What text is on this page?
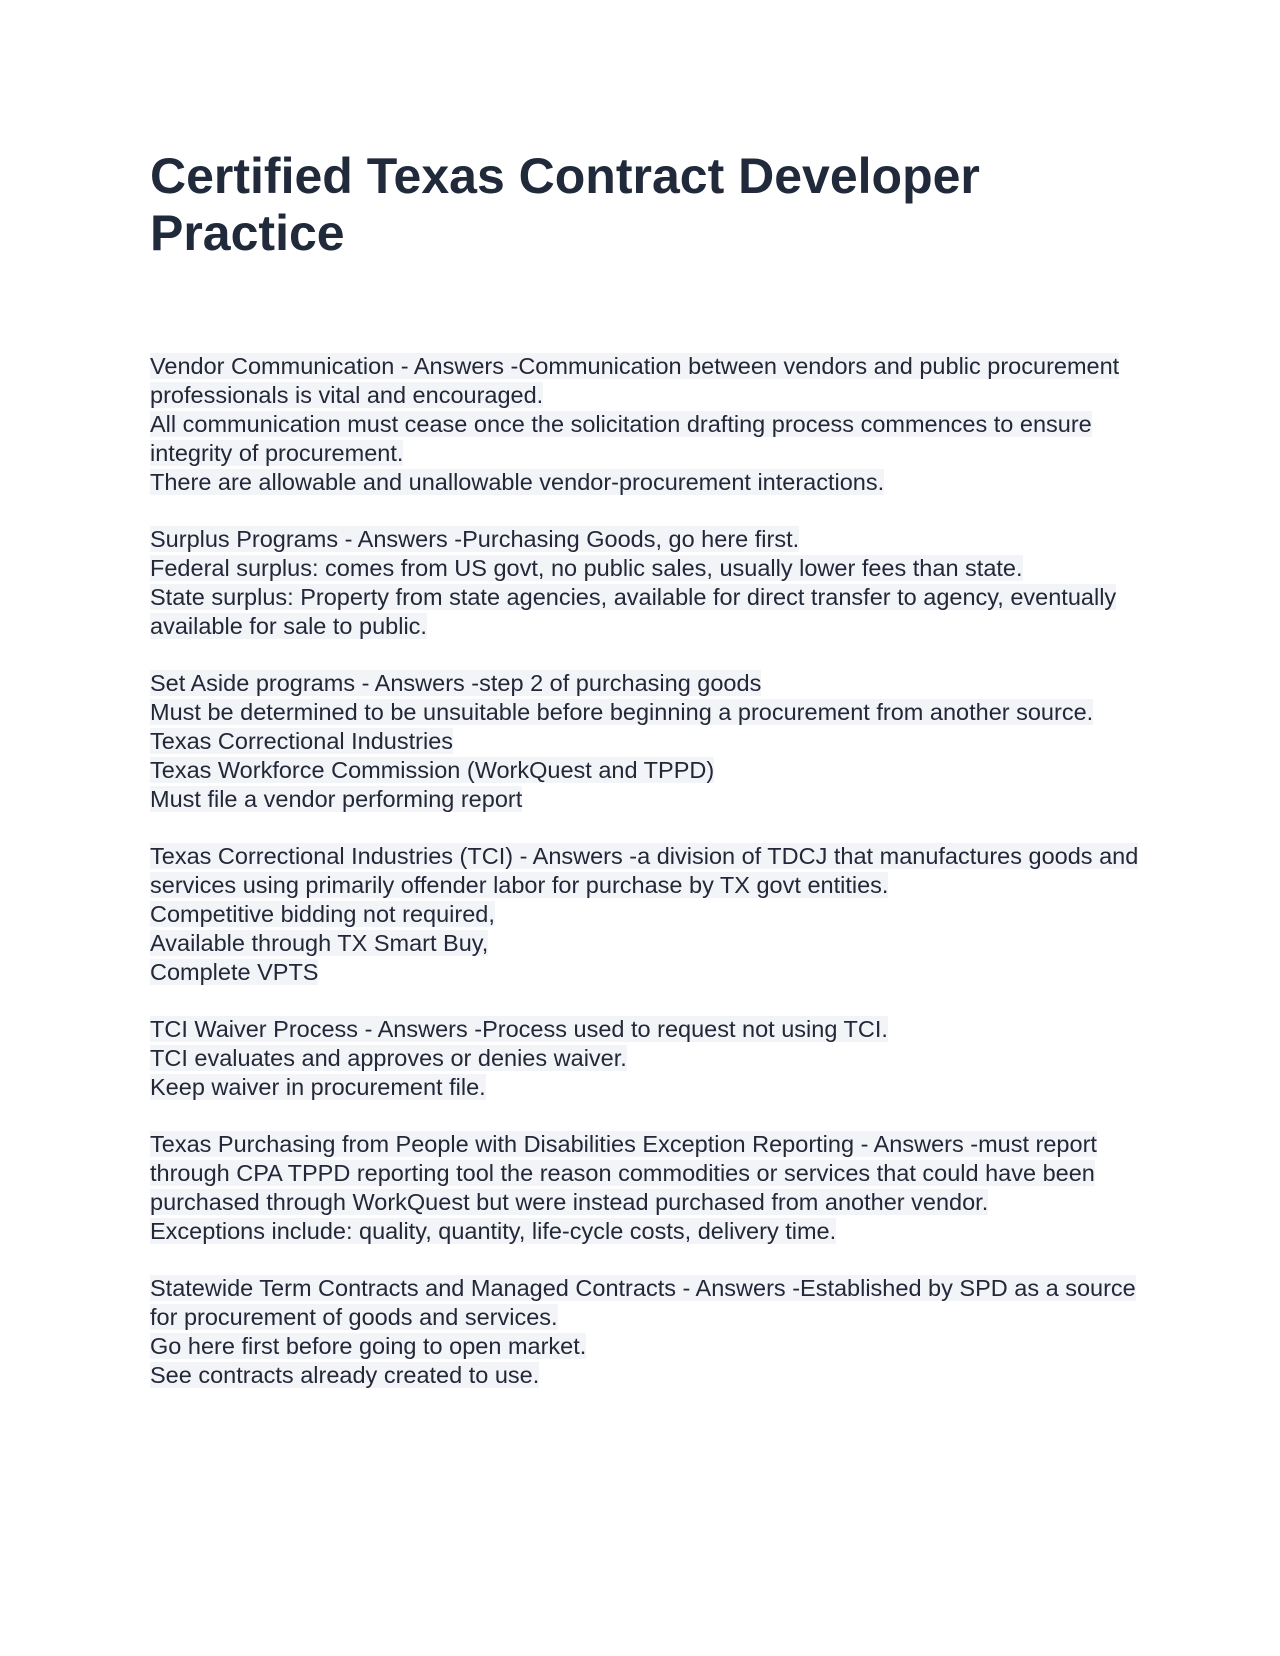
Certified Texas Contract Developer Practice
Vendor Communication - Answers -Communication between vendors and public procurement professionals is vital and encouraged.
All communication must cease once the solicitation drafting process commences to ensure integrity of procurement.
There are allowable and unallowable vendor-procurement interactions.
Surplus Programs - Answers -Purchasing Goods, go here first.
Federal surplus: comes from US govt, no public sales, usually lower fees than state.
State surplus: Property from state agencies, available for direct transfer to agency, eventually available for sale to public.
Set Aside programs - Answers -step 2 of purchasing goods
Must be determined to be unsuitable before beginning a procurement from another source.
Texas Correctional Industries
Texas Workforce Commission (WorkQuest and TPPD)
Must file a vendor performing report
Texas Correctional Industries (TCI) - Answers -a division of TDCJ that manufactures goods and services using primarily offender labor for purchase by TX govt entities.
Competitive bidding not required,
Available through TX Smart Buy,
Complete VPTS
TCI Waiver Process - Answers -Process used to request not using TCI.
TCI evaluates and approves or denies waiver.
Keep waiver in procurement file.
Texas Purchasing from People with Disabilities Exception Reporting - Answers -must report through CPA TPPD reporting tool the reason commodities or services that could have been purchased through WorkQuest but were instead purchased from another vendor.
Exceptions include: quality, quantity, life-cycle costs, delivery time.
Statewide Term Contracts and Managed Contracts - Answers -Established by SPD as a source for procurement of goods and services.
Go here first before going to open market.
See contracts already created to use.
